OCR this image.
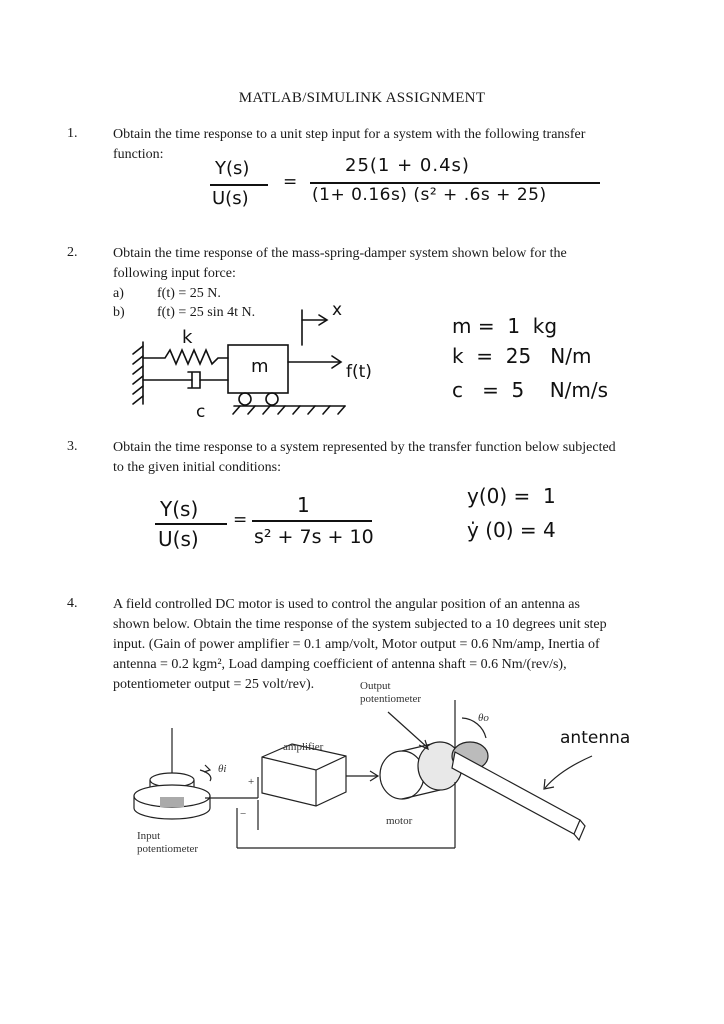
MATLAB/SIMULINK ASSIGNMENT
1.	Obtain the time response to a unit step input for a system with the following transfer
function:
Y(s)
U(s)
=
25(1 + 0.4s)
(1+ 0.16s) (s² + .6s + 25)
2.	Obtain the time response of the mass-spring-damper system shown below for the
following input force:
a) f(t) = 25 N.
b) f(t) = 25 sin 4t N.
k
m
c
x
f(t)
m =  1  kg
k  =  25   N/m
c   =  5    N/m/s
3.	Obtain the time response to a system represented by the transfer function below subjected
to the given initial conditions:
Y(s)
U(s)
=
1
s² + 7s + 10
y(0) =  1
ẏ (0) = 4
4.	A field controlled DC motor is used to control the angular position of an antenna as
shown below. Obtain the time response of the system subjected to a 10 degrees unit step
input. (Gain of power amplifier = 0.1 amp/volt, Motor output = 0.6 Nm/amp, Inertia of
antenna = 0.2 kgm², Load damping coefficient of antenna shaft = 0.6 Nm/(rev/s),
potentiometer output = 25 volt/rev).	Output
potentiometer
amplifier
motor
Input
potentiometer
θi
θo
+
−
antenna
